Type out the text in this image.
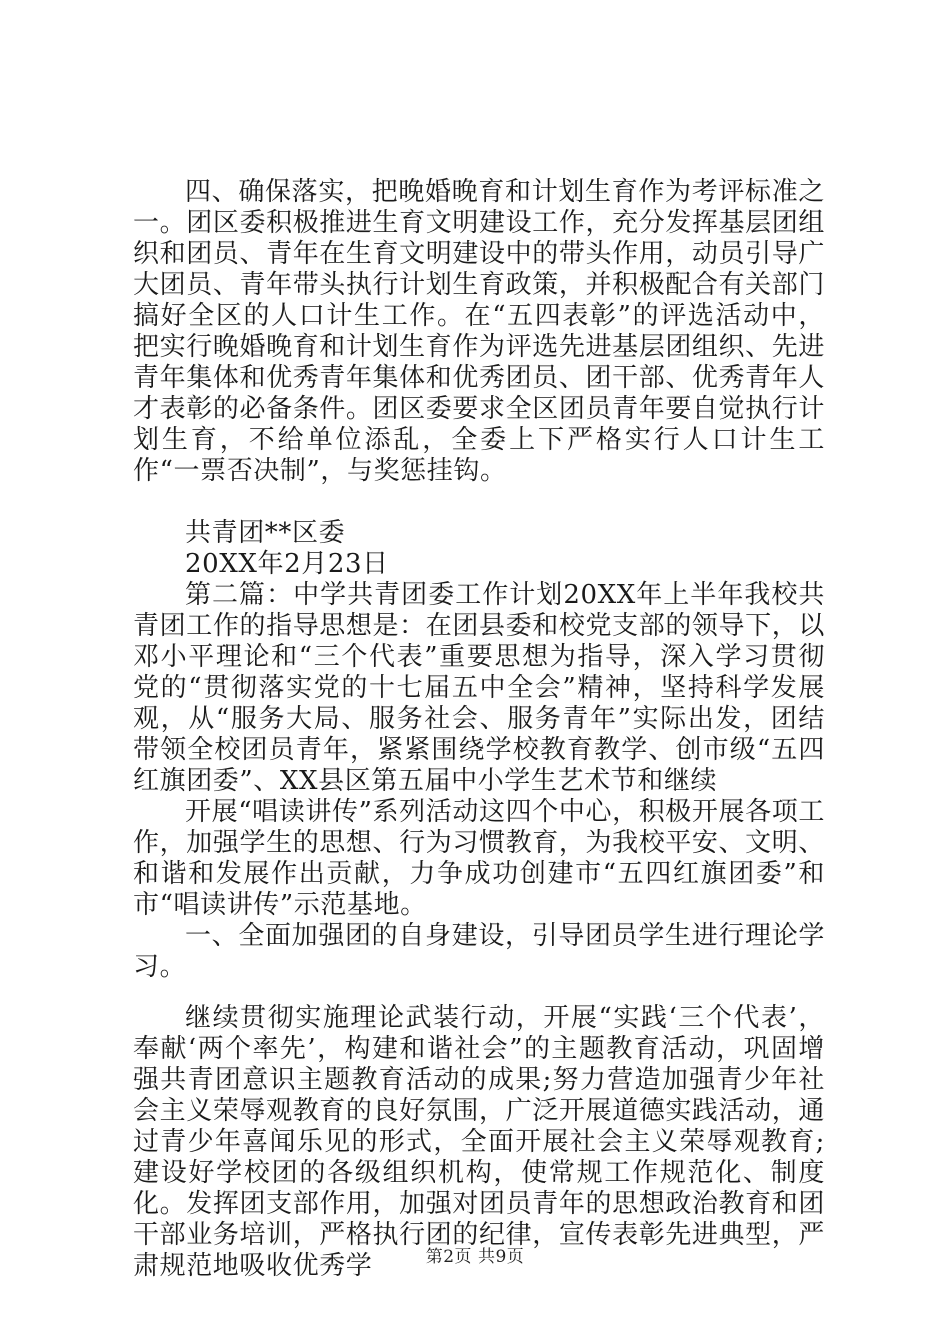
四、确保落实，把晚婚晚育和计划生育作为考评标准之一。团区委积极推进生育文明建设工作，充分发挥基层团组织和团员、青年在生育文明建设中的带头作用，动员引导广大团员、青年带头执行计划生育政策，并积极配合有关部门搞好全区的人口计生工作。在“五四表彰”的评选活动中，把实行晚婚晚育和计划生育作为评选先进基层团组织、先进青年集体和优秀青年集体和优秀团员、团干部、优秀青年人才表彰的必备条件。团区委要求全区团员青年要自觉执行计划生育，不给单位添乱，全委上下严格实行人口计生工作“一票否决制”，与奖惩挂钩。

共青团**区委

20XX年2月23日

第二篇：中学共青团委工作计划20XX年上半年我校共青团工作的指导思想是：在团县委和校党支部的领导下，以邓小平理论和“三个代表”重要思想为指导，深入学习贯彻党的“贯彻落实党的十七届五中全会”精神，坚持科学发展观，从“服务大局、服务社会、服务青年”实际出发，团结带领全校团员青年，紧紧围绕学校教育教学、创市级“五四红旗团委”、XX县区第五届中小学生艺术节和继续

开展“唱读讲传”系列活动这四个中心，积极开展各项工作，加强学生的思想、行为习惯教育，为我校平安、文明、和谐和发展作出贡献，力争成功创建市“五四红旗团委”和市“唱读讲传”示范基地。

一、全面加强团的自身建设，引导团员学生进行理论学习。

继续贯彻实施理论武装行动，开展“实践‘三个代表’，奉献‘两个率先’，构建和谐社会”的主题教育活动，巩固增强共青团意识主题教育活动的成果;努力营造加强青少年社会主义荣辱观教育的良好氛围，广泛开展道德实践活动，通过青少年喜闻乐见的形式，全面开展社会主义荣辱观教育;建设好学校团的各级组织机构，使常规工作规范化、制度化。发挥团支部作用，加强对团员青年的思想政治教育和团干部业务培训，严格执行团的纪律，宣传表彰先进典型，严肃规范地吸收优秀学	第2页 共9页
